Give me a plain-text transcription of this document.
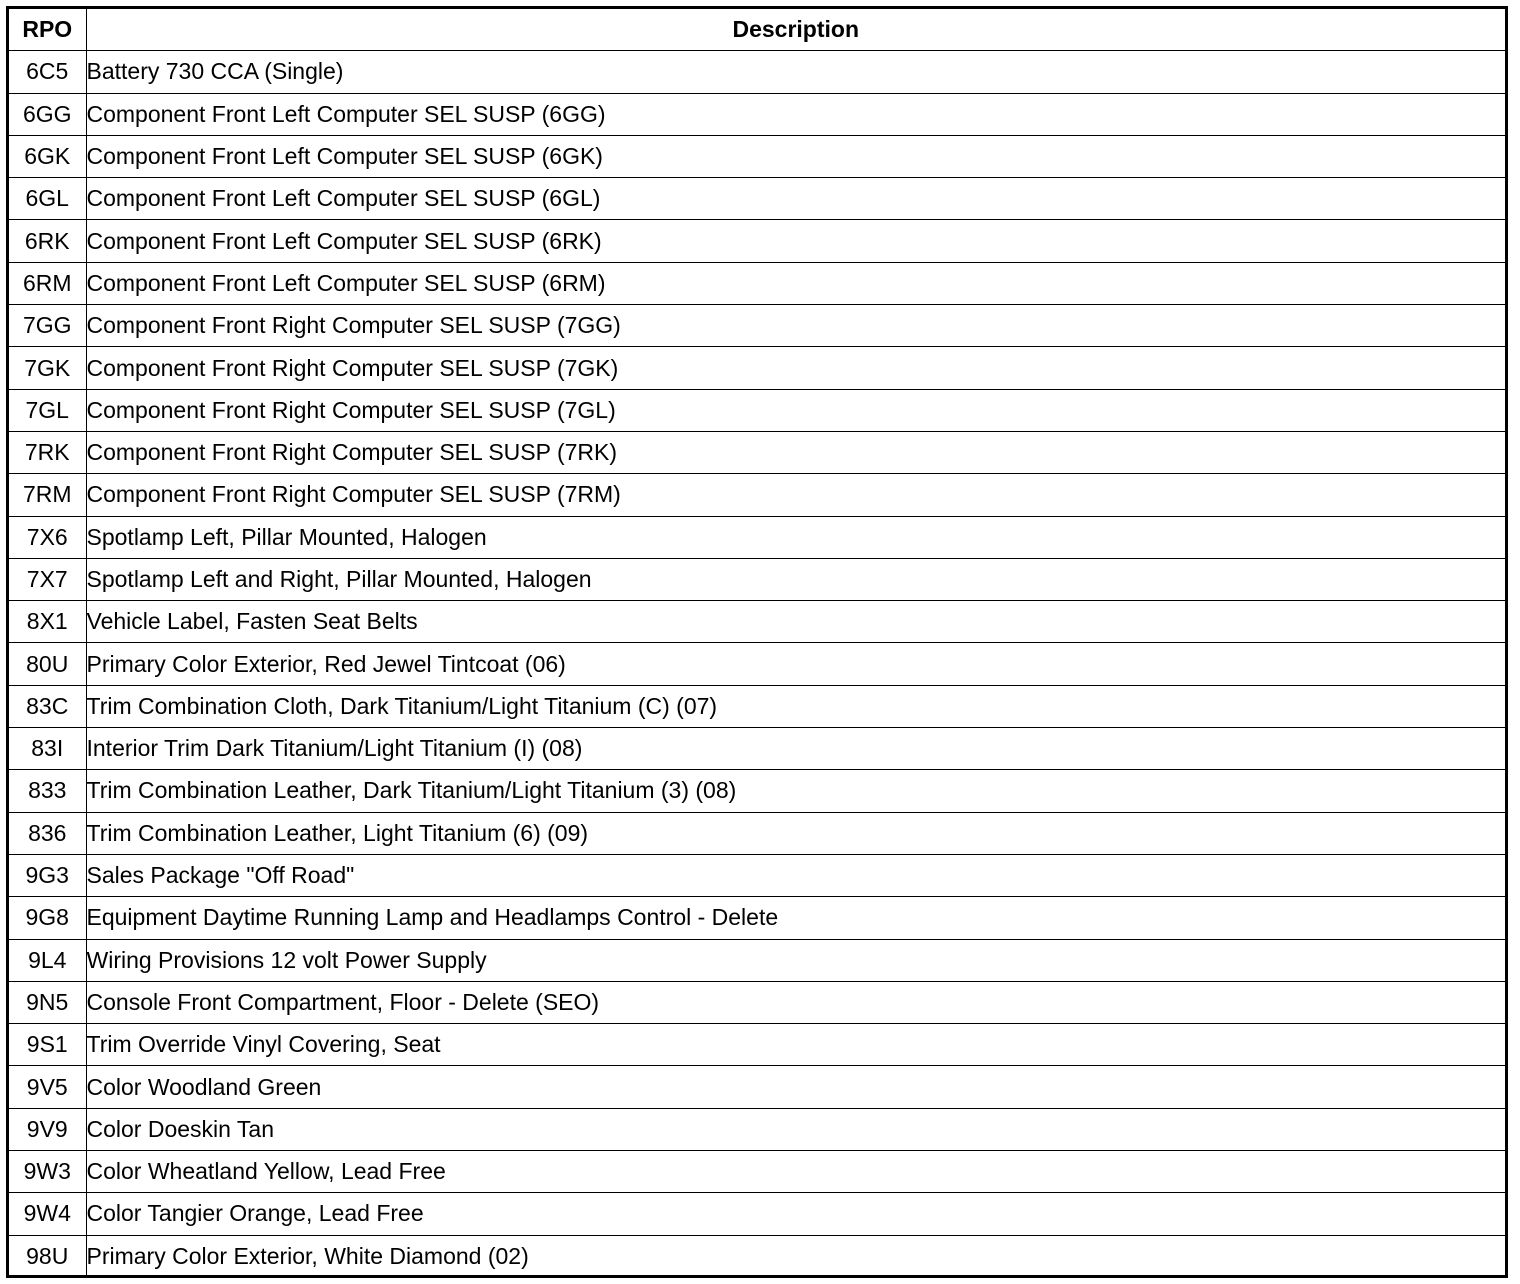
RPO	Description
6C5	Battery 730 CCA (Single)
6GG	Component Front Left Computer SEL SUSP (6GG)
6GK	Component Front Left Computer SEL SUSP (6GK)
6GL	Component Front Left Computer SEL SUSP (6GL)
6RK	Component Front Left Computer SEL SUSP (6RK)
6RM	Component Front Left Computer SEL SUSP (6RM)
7GG	Component Front Right Computer SEL SUSP (7GG)
7GK	Component Front Right Computer SEL SUSP (7GK)
7GL	Component Front Right Computer SEL SUSP (7GL)
7RK	Component Front Right Computer SEL SUSP (7RK)
7RM	Component Front Right Computer SEL SUSP (7RM)
7X6	Spotlamp Left, Pillar Mounted, Halogen
7X7	Spotlamp Left and Right, Pillar Mounted, Halogen
8X1	Vehicle Label, Fasten Seat Belts
80U	Primary Color Exterior, Red Jewel Tintcoat (06)
83C	Trim Combination Cloth, Dark Titanium/Light Titanium (C) (07)
83I	Interior Trim Dark Titanium/Light Titanium (I) (08)
833	Trim Combination Leather, Dark Titanium/Light Titanium (3) (08)
836	Trim Combination Leather, Light Titanium (6) (09)
9G3	Sales Package "Off Road"
9G8	Equipment Daytime Running Lamp and Headlamps Control - Delete
9L4	Wiring Provisions 12 volt Power Supply
9N5	Console Front Compartment, Floor - Delete (SEO)
9S1	Trim Override Vinyl Covering, Seat
9V5	Color Woodland Green
9V9	Color Doeskin Tan
9W3	Color Wheatland Yellow, Lead Free
9W4	Color Tangier Orange, Lead Free
98U	Primary Color Exterior, White Diamond (02)
